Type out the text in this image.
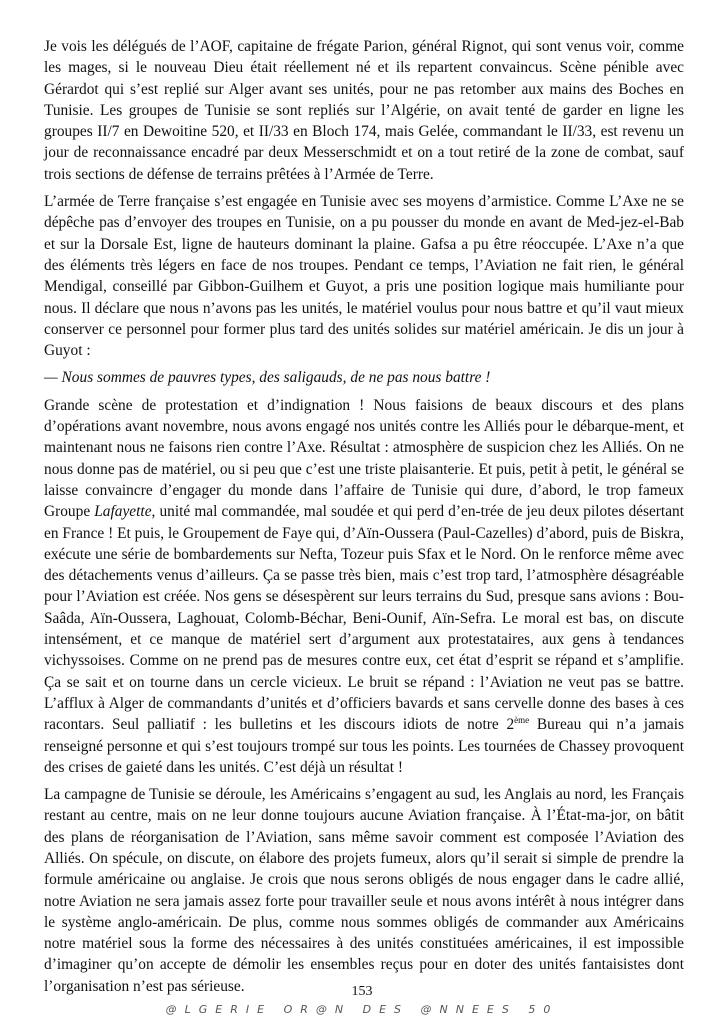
Je vois les délégués de l’AOF, capitaine de frégate Parion, général Rignot, qui sont venus voir, comme les mages, si le nouveau Dieu était réellement né et ils repartent convaincus. Scène pénible avec Gérardot qui s’est replié sur Alger avant ses unités, pour ne pas retomber aux mains des Boches en Tunisie. Les groupes de Tunisie se sont repliés sur l’Algérie, on avait tenté de garder en ligne les groupes II/7 en Dewoitine 520, et II/33 en Bloch 174, mais Gelée, commandant le II/33, est revenu un jour de reconnaissance encadré par deux Messerschmidt et on a tout retiré de la zone de combat, sauf trois sections de défense de terrains prêtées à l’Armée de Terre.

L’armée de Terre française s’est engagée en Tunisie avec ses moyens d’armistice. Comme L’Axe ne se dépêche pas d’envoyer des troupes en Tunisie, on a pu pousser du monde en avant de Med-jez-el-Bab et sur la Dorsale Est, ligne de hauteurs dominant la plaine. Gafsa a pu être réoccupée. L’Axe n’a que des éléments très légers en face de nos troupes. Pendant ce temps, l’Aviation ne fait rien, le général Mendigal, conseillé par Gibbon-Guilhem et Guyot, a pris une position logique mais humiliante pour nous. Il déclare que nous n’avons pas les unités, le matériel voulus pour nous battre et qu’il vaut mieux conserver ce personnel pour former plus tard des unités solides sur matériel américain. Je dis un jour à Guyot :

— Nous sommes de pauvres types, des saligauds, de ne pas nous battre !

Grande scène de protestation et d’indignation ! Nous faisions de beaux discours et des plans d’opérations avant novembre, nous avons engagé nos unités contre les Alliés pour le débarque-ment, et maintenant nous ne faisons rien contre l’Axe. Résultat : atmosphère de suspicion chez les Alliés. On ne nous donne pas de matériel, ou si peu que c’est une triste plaisanterie. Et puis, petit à petit, le général se laisse convaincre d’engager du monde dans l’affaire de Tunisie qui dure, d’abord, le trop fameux Groupe Lafayette, unité mal commandée, mal soudée et qui perd d’en-trée de jeu deux pilotes désertant en France ! Et puis, le Groupement de Faye qui, d’Aïn-Oussera (Paul-Cazelles) d’abord, puis de Biskra, exécute une série de bombardements sur Nefta, Tozeur puis Sfax et le Nord. On le renforce même avec des détachements venus d’ailleurs. Ça se passe très bien, mais c’est trop tard, l’atmosphère désagréable pour l’Aviation est créée. Nos gens se désespèrent sur leurs terrains du Sud, presque sans avions : Bou-Saâda, Aïn-Oussera, Laghouat, Colomb-Béchar, Beni-Ounif, Aïn-Sefra. Le moral est bas, on discute intensément, et ce manque de matériel sert d’argument aux protestataires, aux gens à tendances vichyssoises. Comme on ne prend pas de mesures contre eux, cet état d’esprit se répand et s’amplifie. Ça se sait et on tourne dans un cercle vicieux. Le bruit se répand : l’Aviation ne veut pas se battre. L’afflux à Alger de commandants d’unités et d’officiers bavards et sans cervelle donne des bases à ces racontars. Seul palliatif : les bulletins et les discours idiots de notre 2ème Bureau qui n’a jamais renseigné personne et qui s’est toujours trompé sur tous les points. Les tournées de Chassey provoquent des crises de gaieté dans les unités. C’est déjà un résultat !

La campagne de Tunisie se déroule, les Américains s’engagent au sud, les Anglais au nord, les Français restant au centre, mais on ne leur donne toujours aucune Aviation française. À l’État-ma-jor, on bâtit des plans de réorganisation de l’Aviation, sans même savoir comment est composée l’Aviation des Alliés. On spécule, on discute, on élabore des projets fumeux, alors qu’il serait si simple de prendre la formule américaine ou anglaise. Je crois que nous serons obligés de nous engager dans le cadre allié, notre Aviation ne sera jamais assez forte pour travailler seule et nous avons intérêt à nous intégrer dans le système anglo-américain. De plus, comme nous sommes obligés de commander aux Américains notre matériel sous la forme des nécessaires à des unités constituées américaines, il est impossible d’imaginer qu’on accepte de démolir les ensembles reçus pour en doter des unités fantaisistes dont l’organisation n’est pas sérieuse.	153
@LGERIE OR@N DES @NNEES 50
